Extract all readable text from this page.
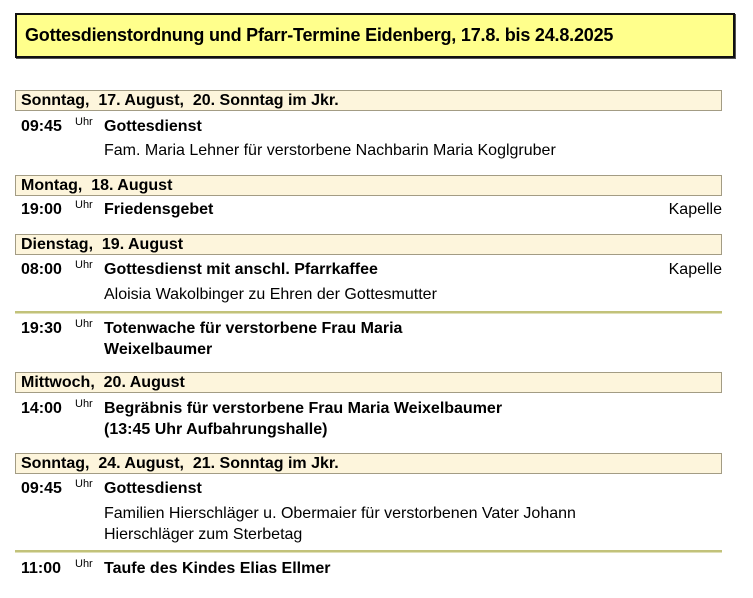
Gottesdienstordnung und Pfarr-Termine Eidenberg, 17.8. bis 24.8.2025
Sonntag,  17. August,  20. Sonntag im Jkr.
09:45 Uhr Gottesdienst
Fam. Maria Lehner für verstorbene Nachbarin Maria Koglgruber
Montag,  18. August
19:00 Uhr Friedensgebet	Kapelle
Dienstag,  19. August
08:00 Uhr Gottesdienst mit anschl. Pfarrkaffee	Kapelle
Aloisia Wakolbinger zu Ehren der Gottesmutter
19:30 Uhr Totenwache für verstorbene Frau Maria
Weixelbaumer
Mittwoch,  20. August
14:00 Uhr Begräbnis für verstorbene Frau Maria Weixelbaumer
(13:45 Uhr Aufbahrungshalle)
Sonntag,  24. August,  21. Sonntag im Jkr.
09:45 Uhr Gottesdienst
Familien Hierschläger u. Obermaier für verstorbenen Vater Johann
Hierschläger zum Sterbetag
11:00 Uhr Taufe des Kindes Elias Ellmer
